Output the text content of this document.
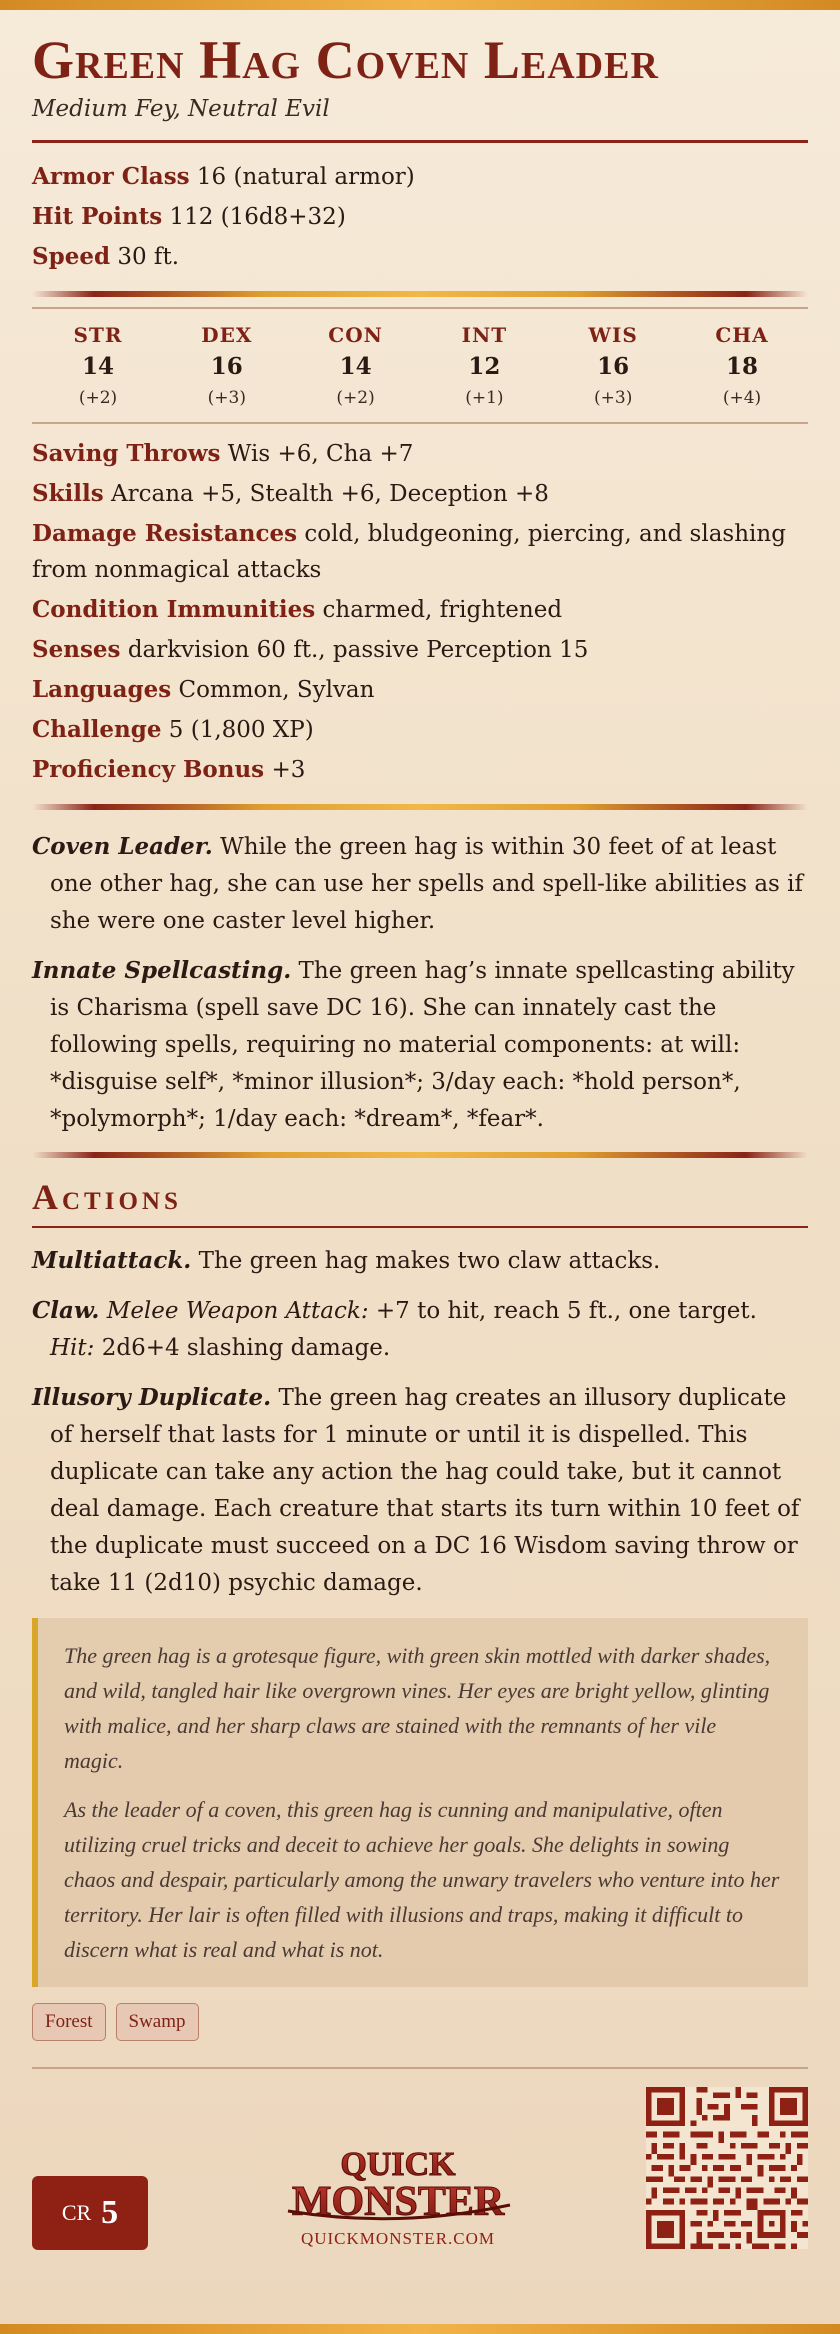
Green Hag Coven Leader
Medium Fey, Neutral Evil
Armor Class 16 (natural armor)
Hit Points 112 (16d8+32)
Speed 30 ft.
STR
14
(+2)
DEX
16
(+3)
CON
14
(+2)
INT
12
(+1)
WIS
16
(+3)
CHA
18
(+4)
Saving Throws Wis +6, Cha +7
Skills Arcana +5, Stealth +6, Deception +8
Damage Resistances cold, bludgeoning, piercing, and slashing from nonmagical attacks
Condition Immunities charmed, frightened
Senses darkvision 60 ft., passive Perception 15
Languages Common, Sylvan
Challenge 5 (1,800 XP)
Proficiency Bonus +3
Coven Leader. While the green hag is within 30 feet of at least one other hag, she can use her spells and spell-like abilities as if she were one caster level higher.
Innate Spellcasting. The green hag’s innate spellcasting ability is Charisma (spell save DC 16). She can innately cast the following spells, requiring no material components: at will: *disguise self*, *minor illusion*; 3/day each: *hold person*, *polymorph*; 1/day each: *dream*, *fear*.
Actions
Multiattack. The green hag makes two claw attacks.
Claw. Melee Weapon Attack: +7 to hit, reach 5 ft., one target. Hit: 2d6+4 slashing damage.
Illusory Duplicate. The green hag creates an illusory duplicate of herself that lasts for 1 minute or until it is dispelled. This duplicate can take any action the hag could take, but it cannot deal damage. Each creature that starts its turn within 10 feet of the duplicate must succeed on a DC 16 Wisdom saving throw or take 11 (2d10) psychic damage.

The green hag is a grotesque figure, with green skin mottled with darker shades, and wild, tangled hair like overgrown vines. Her eyes are bright yellow, glinting with malice, and her sharp claws are stained with the remnants of her vile magic.

As the leader of a coven, this green hag is cunning and manipulative, often utilizing cruel tricks and deceit to achieve her goals. She delights in sowing chaos and despair, particularly among the unwary travelers who venture into her territory. Her lair is often filled with illusions and traps, making it difficult to discern what is real and what is not.

Forest	Swamp
CR 5
QUICK
MONSTER
QUICKMONSTER.COM
